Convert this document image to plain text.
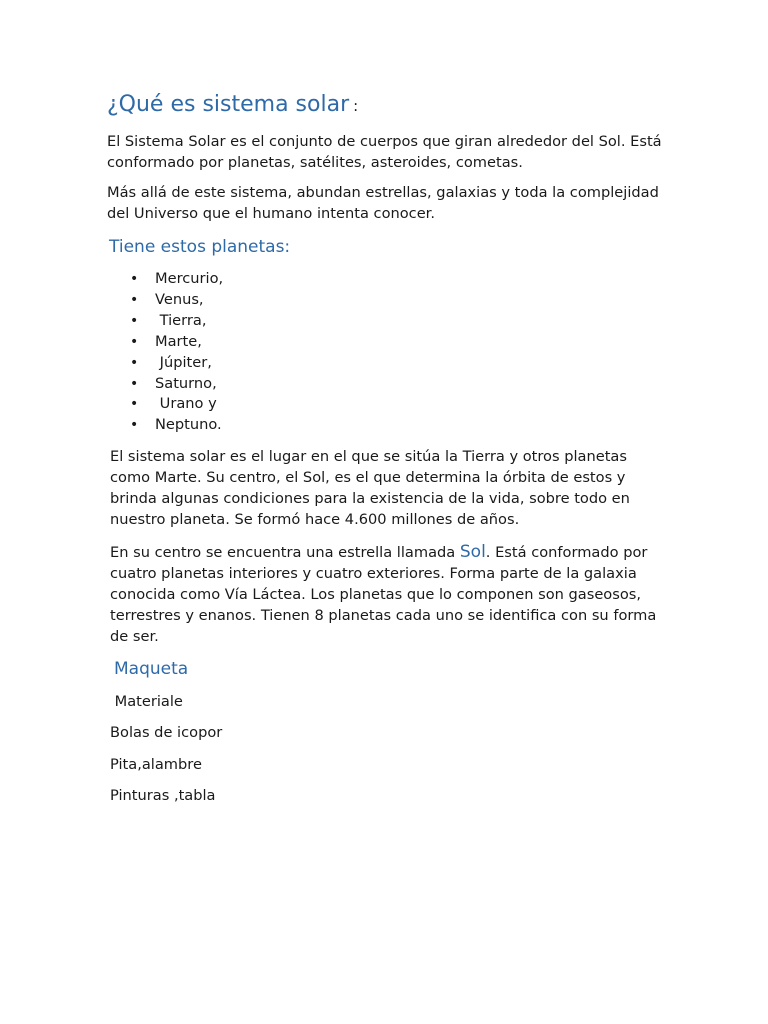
¿Qué es sistema solar :

El Sistema Solar es el conjunto de cuerpos que giran alrededor del Sol. Está conformado por planetas, satélites, asteroides, cometas.

Más allá de este sistema, abundan estrellas, galaxias y toda la complejidad del Universo que el humano intenta conocer.

Tiene estos planetas:
•	Mercurio,
•	Venus,
•	Tierra,
•	Marte,
•	Júpiter,
•	Saturno,
•	Urano y
•	Neptuno.

El sistema solar es el lugar en el que se sitúa la Tierra y otros planetas como Marte. Su centro, el Sol, es el que determina la órbita de estos y brinda algunas condiciones para la existencia de la vida, sobre todo en nuestro planeta. Se formó hace 4.600 millones de años.

En su centro se encuentra una estrella llamada Sol. Está conformado por cuatro planetas interiores y cuatro exteriores. Forma parte de la galaxia conocida como Vía Láctea. Los planetas que lo componen son gaseosos, terrestres y enanos. Tienen 8 planetas cada uno se identifica con su forma de ser.

Maqueta

Materiale

Bolas de icopor

Pita,alambre

Pinturas ,tabla
